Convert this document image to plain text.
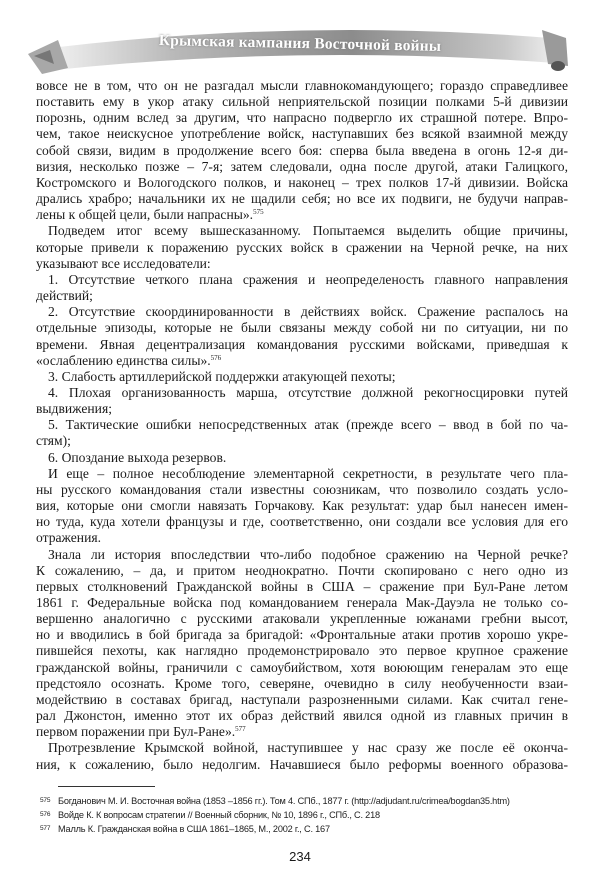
Крымская кампания Восточной войны
вовсе не в том, что он не разгадал мысли главнокомандующего; гораздо справедливее
поставить ему в укор атаку сильной неприятельской позиции полками 5-й дивизии
порознь, одним вслед за другим, что напрасно подвергло их страшной потере. Впро-
чем, такое неискусное употребление войск, наступавших без всякой взаимной между
собой связи, видим в продолжение всего боя: сперва была введена в огонь 12-я ди-
визия, несколько позже – 7-я; затем следовали, одна после другой, атаки Галицкого,
Костромского и Вологодского полков, и наконец – трех полков 17-й дивизии. Войска
дрались храбро; начальники их не щадили себя; но все их подвиги, не будучи направ-
лены к общей цели, были напрасны».$^{575}$
Подведем итог всему вышесказанному. Попытаемся выделить общие причины,
которые привели к поражению русских войск в сражении на Черной речке, на них
указывают все исследователи:
1. Отсутствие четкого плана сражения и неопределеность главного направления
действий;
2. Отсутствие скоординированности в действиях войск. Сражение распалось на
отдельные эпизоды, которые не были связаны между собой ни по ситуации, ни по
времени. Явная децентрализация командования русскими войсками, приведшая к
«ослаблению единства силы».$^{576}$
3. Слабость артиллерийской поддержки атакующей пехоты;
4. Плохая организованность марша, отсутствие должной рекогносцировки путей
выдвижения;
5. Тактические ошибки непосредственных атак (прежде всего – ввод в бой по ча-
стям);
6. Опоздание выхода резервов.
И еще – полное несоблюдение элементарной секретности, в результате чего пла-
ны русского командования стали известны союзникам, что позволило создать усло-
вия, которые они смогли навязать Горчакову. Как результат: удар был нанесен имен-
но туда, куда хотели французы и где, соответственно, они создали все условия для его
отражения.
Знала ли история впоследствии что-либо подобное сражению на Черной речке?
К сожалению, – да, и притом неоднократно. Почти скопировано с него одно из
первых столкновений Гражданской войны в США – сражение при Бул-Ране летом
1861 г. Федеральные войска под командованием генерала Мак-Дауэла не только со-
вершенно аналогично с русскими атаковали укрепленные южанами гребни высот,
но и вводились в бой бригада за бригадой: «Фронтальные атаки против хорошо укре-
пившейся пехоты, как наглядно продемонстрировало это первое крупное сражение
гражданской войны, граничили с самоубийством, хотя воюющим генералам это еще
предстояло осознать. Кроме того, северяне, очевидно в силу необученности взаи-
модействию в составах бригад, наступали разрозненными силами. Как считал гене-
рал Джонстон, именно этот их образ действий явился одной из главных причин в
первом поражении при Бул-Ране».$^{577}$
Протрезвление Крымской войной, наступившее у нас сразу же после её оконча-
ния, к сожалению, было недолгим. Начавшиеся было реформы военного образова-
575 Богданович М. И. Восточная война (1853 –1856 гг.). Том 4. СПб., 1877 г. (http://adjudant.ru/crimea/bogdan35.htm)
576 Войде К. К вопросам стратегии // Военный сборник, № 10, 1896 г., СПб., С. 218
577 Малль К. Гражданская война в США 1861–1865, М., 2002 г., С. 167
234
